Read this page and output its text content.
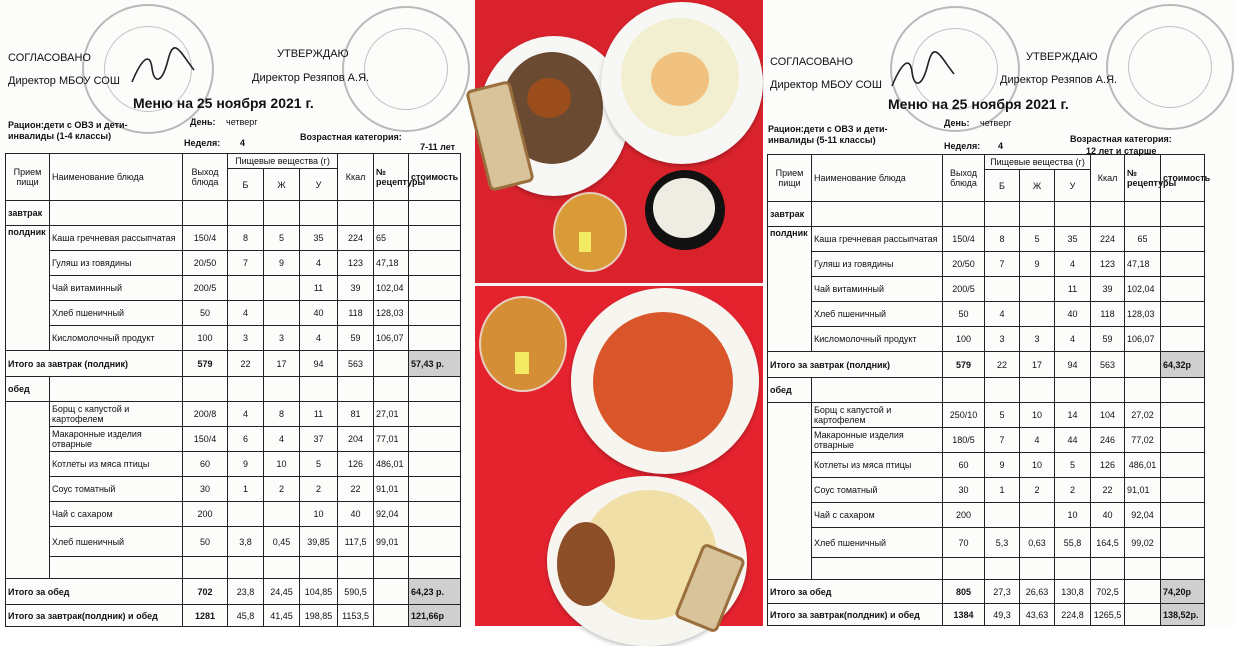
СОГЛАСОВАНО	УТВЕРЖДАЮ
Директор МБОУ СОШ	Директор Резяпов А.Я.
Меню на 25 ноября 2021 г.
Рацион:дети с ОВЗ и дети-инвалиды (1-4 классы)
День: четверг
Неделя: 4
Возрастная категория:
7-11 лет
Прием пищи	Наименование блюда	Выход блюда	Пищевые вещества (г)			Ккал	№ рецептуры	стоимость
			Б	Ж	У			
завтрак								
полдник	Каша гречневая рассыпчатая	150/4	8	5	35	224	65	
	Гуляш из говядины	20/50	7	9	4	123	47,18	
	Чай витаминный	200/5			11	39	102,04	
	Хлеб пшеничный	50	4		40	118	128,03	
	Кисломолочный продукт	100	3	3	4	59	106,07	
Итого за завтрак (полдник)		579	22	17	94	563		57,43 р.
обед								
	Борщ с капустой и картофелем	200/8	4	8	11	81	27,01	
	Макаронные изделия отварные	150/4	6	4	37	204	77,01	
	Котлеты из мяса птицы	60	9	10	5	126	486,01	
	Соус томатный	30	1	2	2	22	91,01	
	Чай с сахаром	200			10	40	92,04	
	Хлеб пшеничный	50	3,8	0,45	39,85	117,5	99,01	

Итого за обед		702	23,8	24,45	104,85	590,5		64,23 р.
Итого за завтрак(полдник) и обед		1281	45,8	41,45	198,85	1153,5		121,66р
СОГЛАСОВАНО	УТВЕРЖДАЮ
Директор МБОУ СОШ	Директор Резяпов А.Я.
Меню на 25 ноября 2021 г.
Рацион:дети с ОВЗ и дети-инвалиды (5-11 классы)
День: четверг
Неделя: 4
Возрастная категория:
12 лет и старше
Прием пищи	Наименование блюда	Выход блюда	Пищевые вещества (г)			Ккал	№ рецептуры	стоимость
			Б	Ж	У			
завтрак								
полдник	Каша гречневая рассыпчатая	150/4	8	5	35	224	65	
	Гуляш из говядины	20/50	7	9	4	123	47,18	
	Чай витаминный	200/5			11	39	102,04	
	Хлеб пшеничный	50	4		40	118	128,03	
	Кисломолочный продукт	100	3	3	4	59	106,07	
Итого за завтрак (полдник)		579	22	17	94	563		64,32р
обед								
	Борщ с капустой и картофелем	250/10	5	10	14	104	27,02	
	Макаронные изделия отварные	180/5	7	4	44	246	77,02	
	Котлеты из мяса птицы	60	9	10	5	126	486,01	
	Соус томатный	30	1	2	2	22	91,01	
	Чай с сахаром	200			10	40	92,04	
	Хлеб пшеничный	70	5,3	0,63	55,8	164,5	99,02	

Итого за обед		805	27,3	26,63	130,8	702,5		74,20р
Итого за завтрак(полдник) и обед		1384	49,3	43,63	224,8	1265,5		138,52р.
